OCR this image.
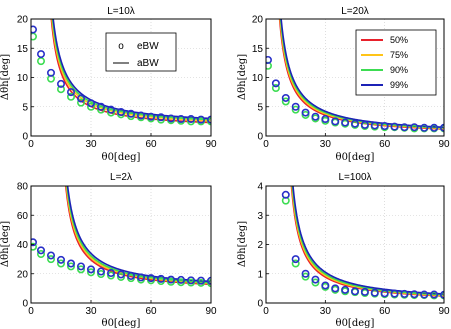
L=10λ
0	30	60	90
0
5
10
15
20
θ0[deg]
Δθh[deg]
o eBW
aBW
L=20λ
0	30	60	90
0
5
10
15
20
θ0[deg]
Δθh[deg]
50%
75%
90%
99%
L=2λ
0	30	60	90
0
20
40
60
80
θ0[deg]
Δθh[deg]
L=100λ
0	30	60	90
0
1
2
3
4
θ0[deg]
Δθh[deg]
